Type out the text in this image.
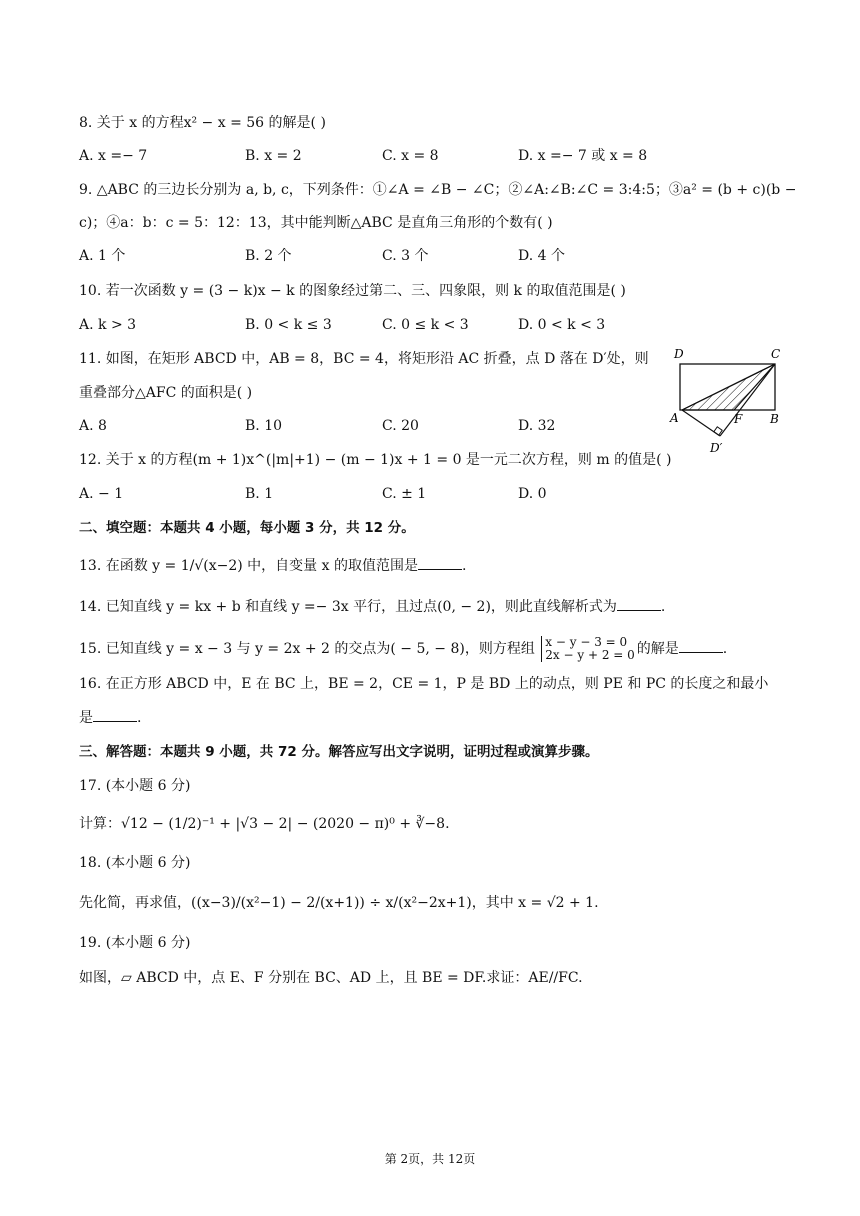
8. 关于 x 的方程x² − x = 56 的解是( )
A. x =− 7	B. x = 2	C. x = 8	D. x =− 7 或 x = 8
9. △ABC 的三边长分别为 a, b, c，下列条件：①∠A = ∠B − ∠C；②∠A:∠B:∠C = 3:4:5；③a² = (b + c)(b −
c)；④a：b：c = 5：12：13，其中能判断△ABC 是直角三角形的个数有( )
A. 1 个	B. 2 个	C. 3 个	D. 4 个
10. 若一次函数 y = (3 − k)x − k 的图象经过第二、三、四象限，则 k 的取值范围是( )
A. k > 3	B. 0 < k ≤ 3	C. 0 ≤ k < 3	D. 0 < k < 3
11. 如图，在矩形 ABCD 中，AB = 8，BC = 4，将矩形沿 AC 折叠，点 D 落在 D′处，则
重叠部分△AFC 的面积是( )
A. 8	B. 10	C. 20	D. 32
D	C
A	F B
D′
12. 关于 x 的方程(m + 1)x^(|m|+1) − (m − 1)x + 1 = 0 是一元二次方程，则 m 的值是( )
A. − 1	B. 1	C. ± 1	D. 0
二、填空题：本题共 4 小题，每小题 3 分，共 12 分。
13. 在函数 y = 1/√(x−2) 中，自变量 x 的取值范围是	.
14. 已知直线 y = kx + b 和直线 y =− 3x 平行，且过点(0, − 2)，则此直线解析式为	.
15. 已知直线 y = x − 3 与 y = 2x + 2 的交点为( − 5, − 8)，则方程组 x − y − 3 = 0
2x − y + 2 = 0 的解是	.
16. 在正方形 ABCD 中，E 在 BC 上，BE = 2，CE = 1，P 是 BD 上的动点，则 PE 和 PC 的长度之和最小
是	.
三、解答题：本题共 9 小题，共 72 分。解答应写出文字说明，证明过程或演算步骤。
17. (本小题 6 分)
计算：√12 − (1/2)⁻¹ + |√3 − 2| − (2020 − π)⁰ + ∛−8.
18. (本小题 6 分)
先化简，再求值，((x−3)/(x²−1) − 2/(x+1)) ÷ x/(x²−2x+1)，其中 x = √2 + 1.
19. (本小题 6 分)
如图，▱ ABCD 中，点 E、F 分别在 BC、AD 上，且 BE = DF.求证：AE//FC.
第 2页，共 12页
